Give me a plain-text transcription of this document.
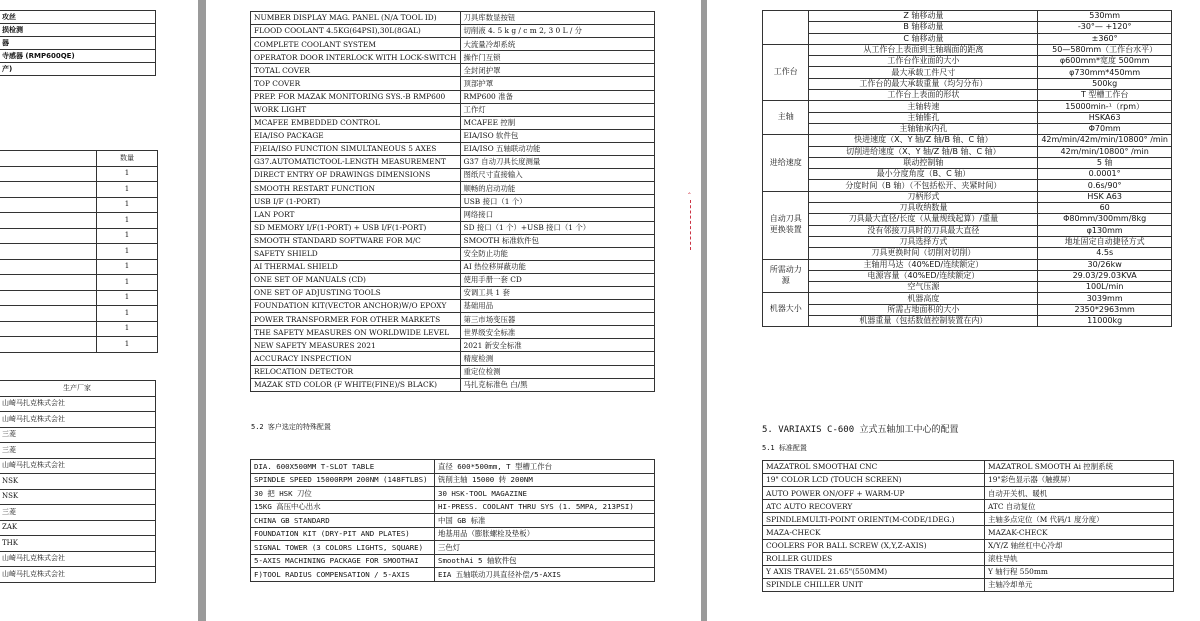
攻丝
损检测
器
寺感器 (RMP600QE)
产)
	数量
	1
	1
	1
	1
	1
	1
	1
	1
	1
	1
	1
	1
生产厂家
山崎马扎克株式会社
山崎马扎克株式会社
三菱
三菱
山崎马扎克株式会社
NSK
NSK
三菱
ZAK
THK
山崎马扎克株式会社
山崎马扎克株式会社
NUMBER DISPLAY MAG. PANEL (N/A TOOL ID)	刀具库数显按钮
FLOOD COOLANT 4.5KG(64PSI),30L(8GAL)	切削液 4. 5 k g / c m 2, 3 0 L / 分
COMPLETE COOLANT SYSTEM	大流量冷却系统
OPERATOR DOOR INTERLOCK WITH LOCK-SWITCH	操作门互锁
TOTAL COVER	全封闭护罩
TOP COVER	顶部护罩
PREP. FOR MAZAK MONITORING SYS.-B RMP600	RMP600 准备
WORK LIGHT	工作灯
MCAFEE EMBEDDED CONTROL	MCAFEE 控制
EIA/ISO PACKAGE	EIA/ISO 软件包
F)EIA/ISO FUNCTION SIMULTANEOUS 5 AXES	EIA/ISO 五轴联动功能
G37.AUTOMATICTOOL-LENGTH MEASUREMENT	G37 自动刀具长度测量
DIRECT ENTRY OF DRAWINGS DIMENSIONS	图纸尺寸直接输入
SMOOTH RESTART FUNCTION	顺畅的启动功能
USB I/F (1-PORT)	USB 接口（1 个）
LAN PORT	网络接口
SD MEMORY I/F(1-PORT) + USB I/F(1-PORT)	SD 接口（1 个）+USB 接口（1 个）
SMOOTH STANDARD SOFTWARE FOR M/C	SMOOTH 标准软件包
SAFETY SHIELD	安全防止功能
AI THERMAL SHIELD	AI 热位移屏蔽功能
ONE SET OF MANUALS (CD)	使用手册一套 CD
ONE SET OF ADJUSTING TOOLS	安调工具 1 套
FOUNDATION KIT(VECTOR ANCHOR)W/O EPOXY	基础用品
POWER TRANSFORMER FOR OTHER MARKETS	第三市场变压器
THE SAFETY MEASURES ON WORLDWIDE LEVEL	世界级安全标准
NEW SAFETY MEASURES 2021	2021 新安全标准
ACCURACY INSPECTION	精度检测
RELOCATION DETECTOR	重定位检测
MAZAK STD COLOR (F WHITE(FINE)/S BLACK)	马扎克标准色 白/黑
5.2 客户选定的特殊配置
DIA. 600X500MM T-SLOT TABLE	直径 600*500mm, T 型槽工作台
SPINDLE SPEED 15000RPM 200NM (148FTLBS)	铣削主轴 15000 转 200NM
30 把 HSK 刀位	30 HSK-TOOL MAGAZINE
15KG 高压中心出水	HI-PRESS. COOLANT THRU SYS (1. 5MPA, 213PSI)
CHINA GB STANDARD	中国 GB 标准
FOUNDATION KIT (DRY-PIT AND PLATES)	地基用品（膨胀螺栓及垫板）
SIGNAL TOWER (3 COLORS LIGHTS, SQUARE)	三色灯
5-AXIS MACHINING PACKAGE FOR SMOOTHAI	SmoothAi 5 轴软件包
F)TOOL RADIUS COMPENSATION / 5-AXIS	EIA 五轴联动刀具直径补偿/5-AXIS
	Z 轴移动量	530mm
	B 轴移动量	-30°— +120°
	C 轴移动量	±360°
工作台	从工作台上表面到主轴端面的距离	50—580mm（工作台水平）
	工作台作业面的大小	φ600mm*宽度 500mm
	最大承载工件尺寸	φ730mm*450mm
	工作台的最大承载重量（均匀分布）	500kg
	工作台上表面的形状	T 型槽工作台
主轴	主轴转速	15000min-¹（rpm）
	主轴锥孔	HSKA63
	主轴轴承内孔	Φ70mm
进给速度	快进速度（X、Y 轴/Z 轴/B 轴、C 轴）	42m/min/42m/min/10800° /min
	切削进给速度（X、Y 轴/Z 轴/B 轴、C 轴）	42m/min/10800° /min
	联动控制轴	5 轴
	最小分度角度（B、C 轴）	0.0001°
	分度时间（B 轴）（不包括松开、夹紧时间）	0.6s/90°
自动刀具更换装置	刀柄形式	HSK A63
	刀具收纳数量	60
	刀具最大直径/长度（从量规线起算）/重量	Φ80mm/300mm/8kg
	没有邻接刀具时的刀具最大直径	φ130mm
	刀具选择方式	地址固定自动捷径方式
	刀具更换时间（切削对切削）	4.5s
所需动力源	主轴用马达（40%ED/连续额定）	30/26kw
	电源容量（40%ED/连续额定）	29.03/29.03KVA
	空气压源	100L/min
机器大小	机器高度	3039mm
	所需占地面积的大小	2350*2963mm
	机器重量（包括数值控制装置在内）	11000kg
5. VARIAXIS C-600 立式五轴加工中心的配置
5.1 标准配置
MAZATROL SMOOTHAI CNC	MAZATROL SMOOTH Ai 控制系统
19" COLOR LCD (TOUCH SCREEN)	19"彩色显示器（触摸屏）
AUTO POWER ON/OFF + WARM-UP	自动开关机、暖机
ATC AUTO RECOVERY	ATC 自动复位
SPINDLEMULTI-POINT ORIENT(M-CODE/1DEG.)	主轴多点定位（M 代码/1 度分度）
MAZA-CHECK	MAZAK-CHECK
COOLERS FOR BALL SCREW (X,Y,Z-AXIS)	X/Y/Z 轴丝杠中心冷却
ROLLER GUIDES	滚柱导轨
Y AXIS TRAVEL 21.65"(550MM)	Y 轴行程 550mm
SPINDLE CHILLER UNIT	主轴冷却单元
‸
